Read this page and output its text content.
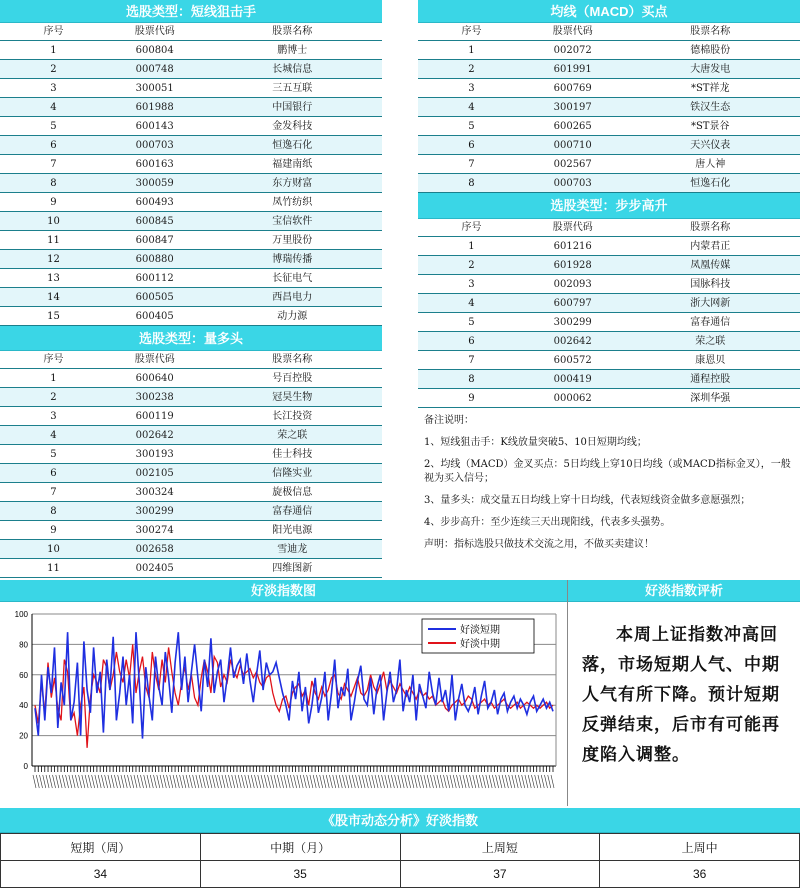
选股类型：短线狙击手
序号	股票代码	股票名称
1	600804	鹏博士
2	000748	长城信息
3	300051	三五互联
4	601988	中国银行
5	600143	金发科技
6	000703	恒逸石化
7	600163	福建南纸
8	300059	东方财富
9	600493	凤竹纺织
10	600845	宝信软件
11	600847	万里股份
12	600880	博瑞传播
13	600112	长征电气
14	600505	西昌电力
15	600405	动力源
选股类型：量多头
序号	股票代码	股票名称
1	600640	号百控股
2	300238	冠昊生物
3	600119	长江投资
4	002642	荣之联
5	300193	佳士科技
6	002105	信隆实业
7	300324	旋极信息
8	300299	富春通信
9	300274	阳光电源
10	002658	雪迪龙
11	002405	四维图新
均线（MACD）买点
序号	股票代码	股票名称
1	002072	德棉股份
2	601991	大唐发电
3	600769	*ST祥龙
4	300197	铁汉生态
5	600265	*ST景谷
6	000710	天兴仪表
7	002567	唐人神
8	000703	恒逸石化
选股类型：步步高升
序号	股票代码	股票名称
1	601216	内蒙君正
2	601928	凤凰传媒
3	002093	国脉科技
4	600797	浙大网新
5	300299	富春通信
6	002642	荣之联
7	600572	康恩贝
8	000419	通程控股
9	000062	深圳华强

备注说明：

1、短线狙击手：K线放量突破5、10日短期均线；

2、均线（MACD）金叉买点：5日均线上穿10日均线（或MACD指标金叉），一般视为买入信号；

3、量多头：成交量五日均线上穿十日均线，代表短线资金做多意愿强烈；

4、步步高升：至少连续三天出现阳线，代表多头强势。

声明：指标选股只做技术交流之用，不做买卖建议！

好淡指数图
0
20
40
60
80
100
好淡短期
好淡中期
好淡指数评析
本周上证指数冲高回落，市场短期人气、中期人气有所下降。预计短期反弹结束，后市有可能再度陷入调整。
《股市动态分析》好淡指数
短期（周）	中期（月）	上周短	上周中
34	35	37	36
